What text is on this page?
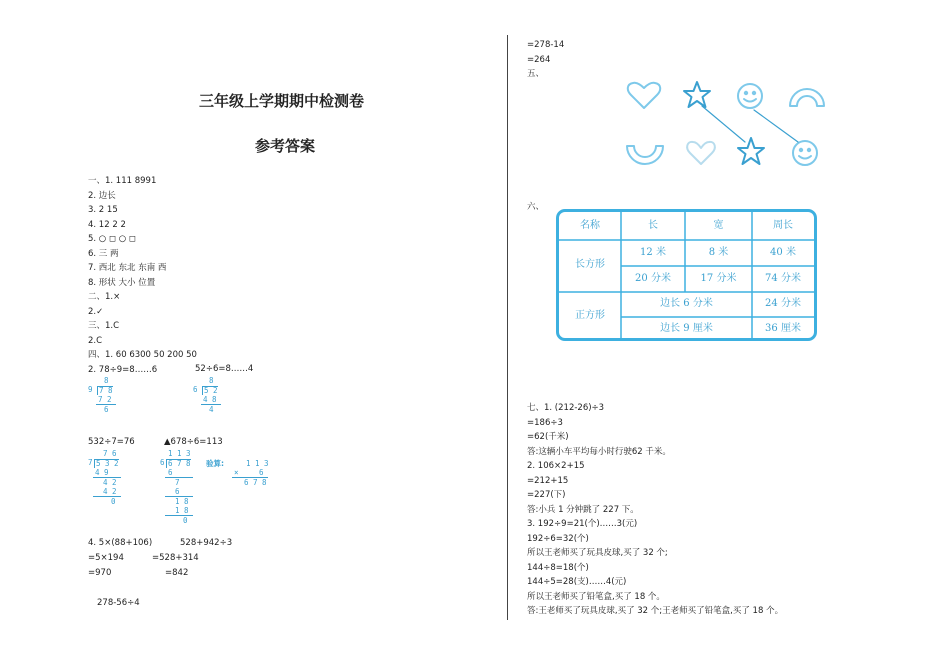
三年级上学期期中检测卷
参考答案
一、1. 111 8991
2. 边长
3. 2 15
4. 12 2 2
5. ○ ◻ ○ ◻
6. 三 两
7. 西北 东北 东南 西
8. 形状 大小 位置
二、1.×
2.✓
三、1.C
2.C
四、1. 60 6300 50 200 50
2. 78÷9=8……6	52÷6=8……4
8
9 7 8
7 2
6
8
6 5 2
4 8
4
532÷7=76	▲678÷6=113
7 6
7 5 3 2
4 9
4 2
4 2
0
1 1 3
6 6 7 8
6
7
6
1 8
1 8
0
验算:	1 1 3
×	6
6 7 8
4. 5×(88+106)
=5×194
=970
528+942÷3
=528+314
=842
278-56÷4
=278-14
=264
五、
六、
名称	长	宽	周长
长方形
12 米	8 米	40 米
20 分米	17 分米	74 分米
正方形
边长 6 分米	24 分米
边长 9 厘米	36 厘米
七、1. (212-26)÷3
=186÷3
=62(千米)
答:这辆小车平均每小时行驶62 千米。
2. 106×2+15
=212+15
=227(下)
答:小兵 1 分钟跳了 227 下。
3. 192÷9=21(个)……3(元)
192÷6=32(个)
所以王老师买了玩具皮球,买了 32 个;
144÷8=18(个)
144÷5=28(支)……4(元)
所以王老师买了铅笔盒,买了 18 个。
答:王老师买了玩具皮球,买了 32 个;王老师买了铅笔盒,买了 18 个。
